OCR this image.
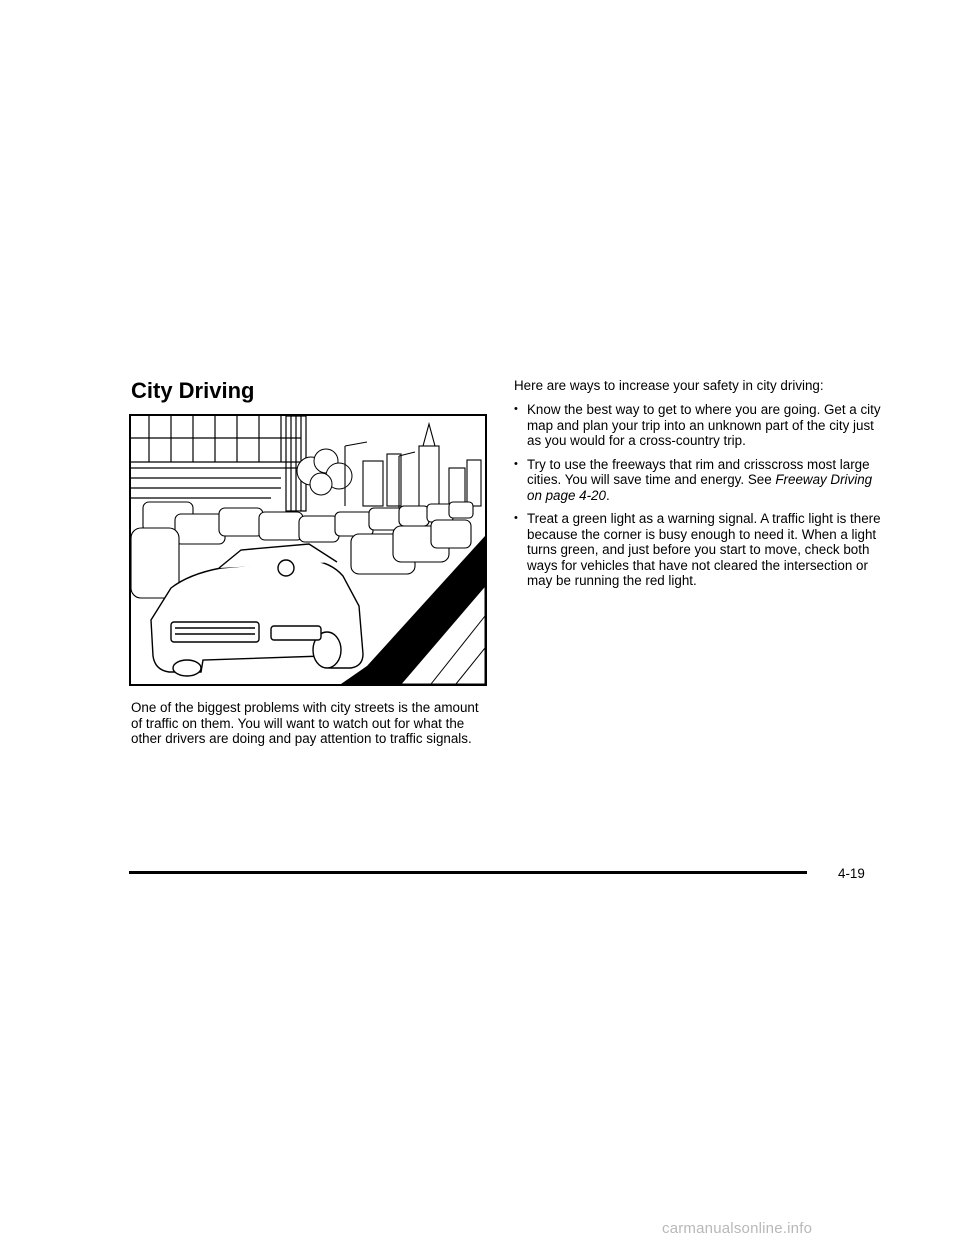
City Driving

One of the biggest problems with city streets is the amount of traffic on them. You will want to watch out for what the other drivers are doing and pay attention to traffic signals.

Here are ways to increase your safety in city driving:

• Know the best way to get to where you are going. Get a city map and plan your trip into an unknown part of the city just as you would for a cross-country trip.
• Try to use the freeways that rim and crisscross most large cities. You will save time and energy. See Freeway Driving on page 4-20.
• Treat a green light as a warning signal. A traffic light is there because the corner is busy enough to need it. When a light turns green, and just before you start to move, check both ways for vehicles that have not cleared the intersection or may be running the red light.
4-19
carmanualsonline.info
